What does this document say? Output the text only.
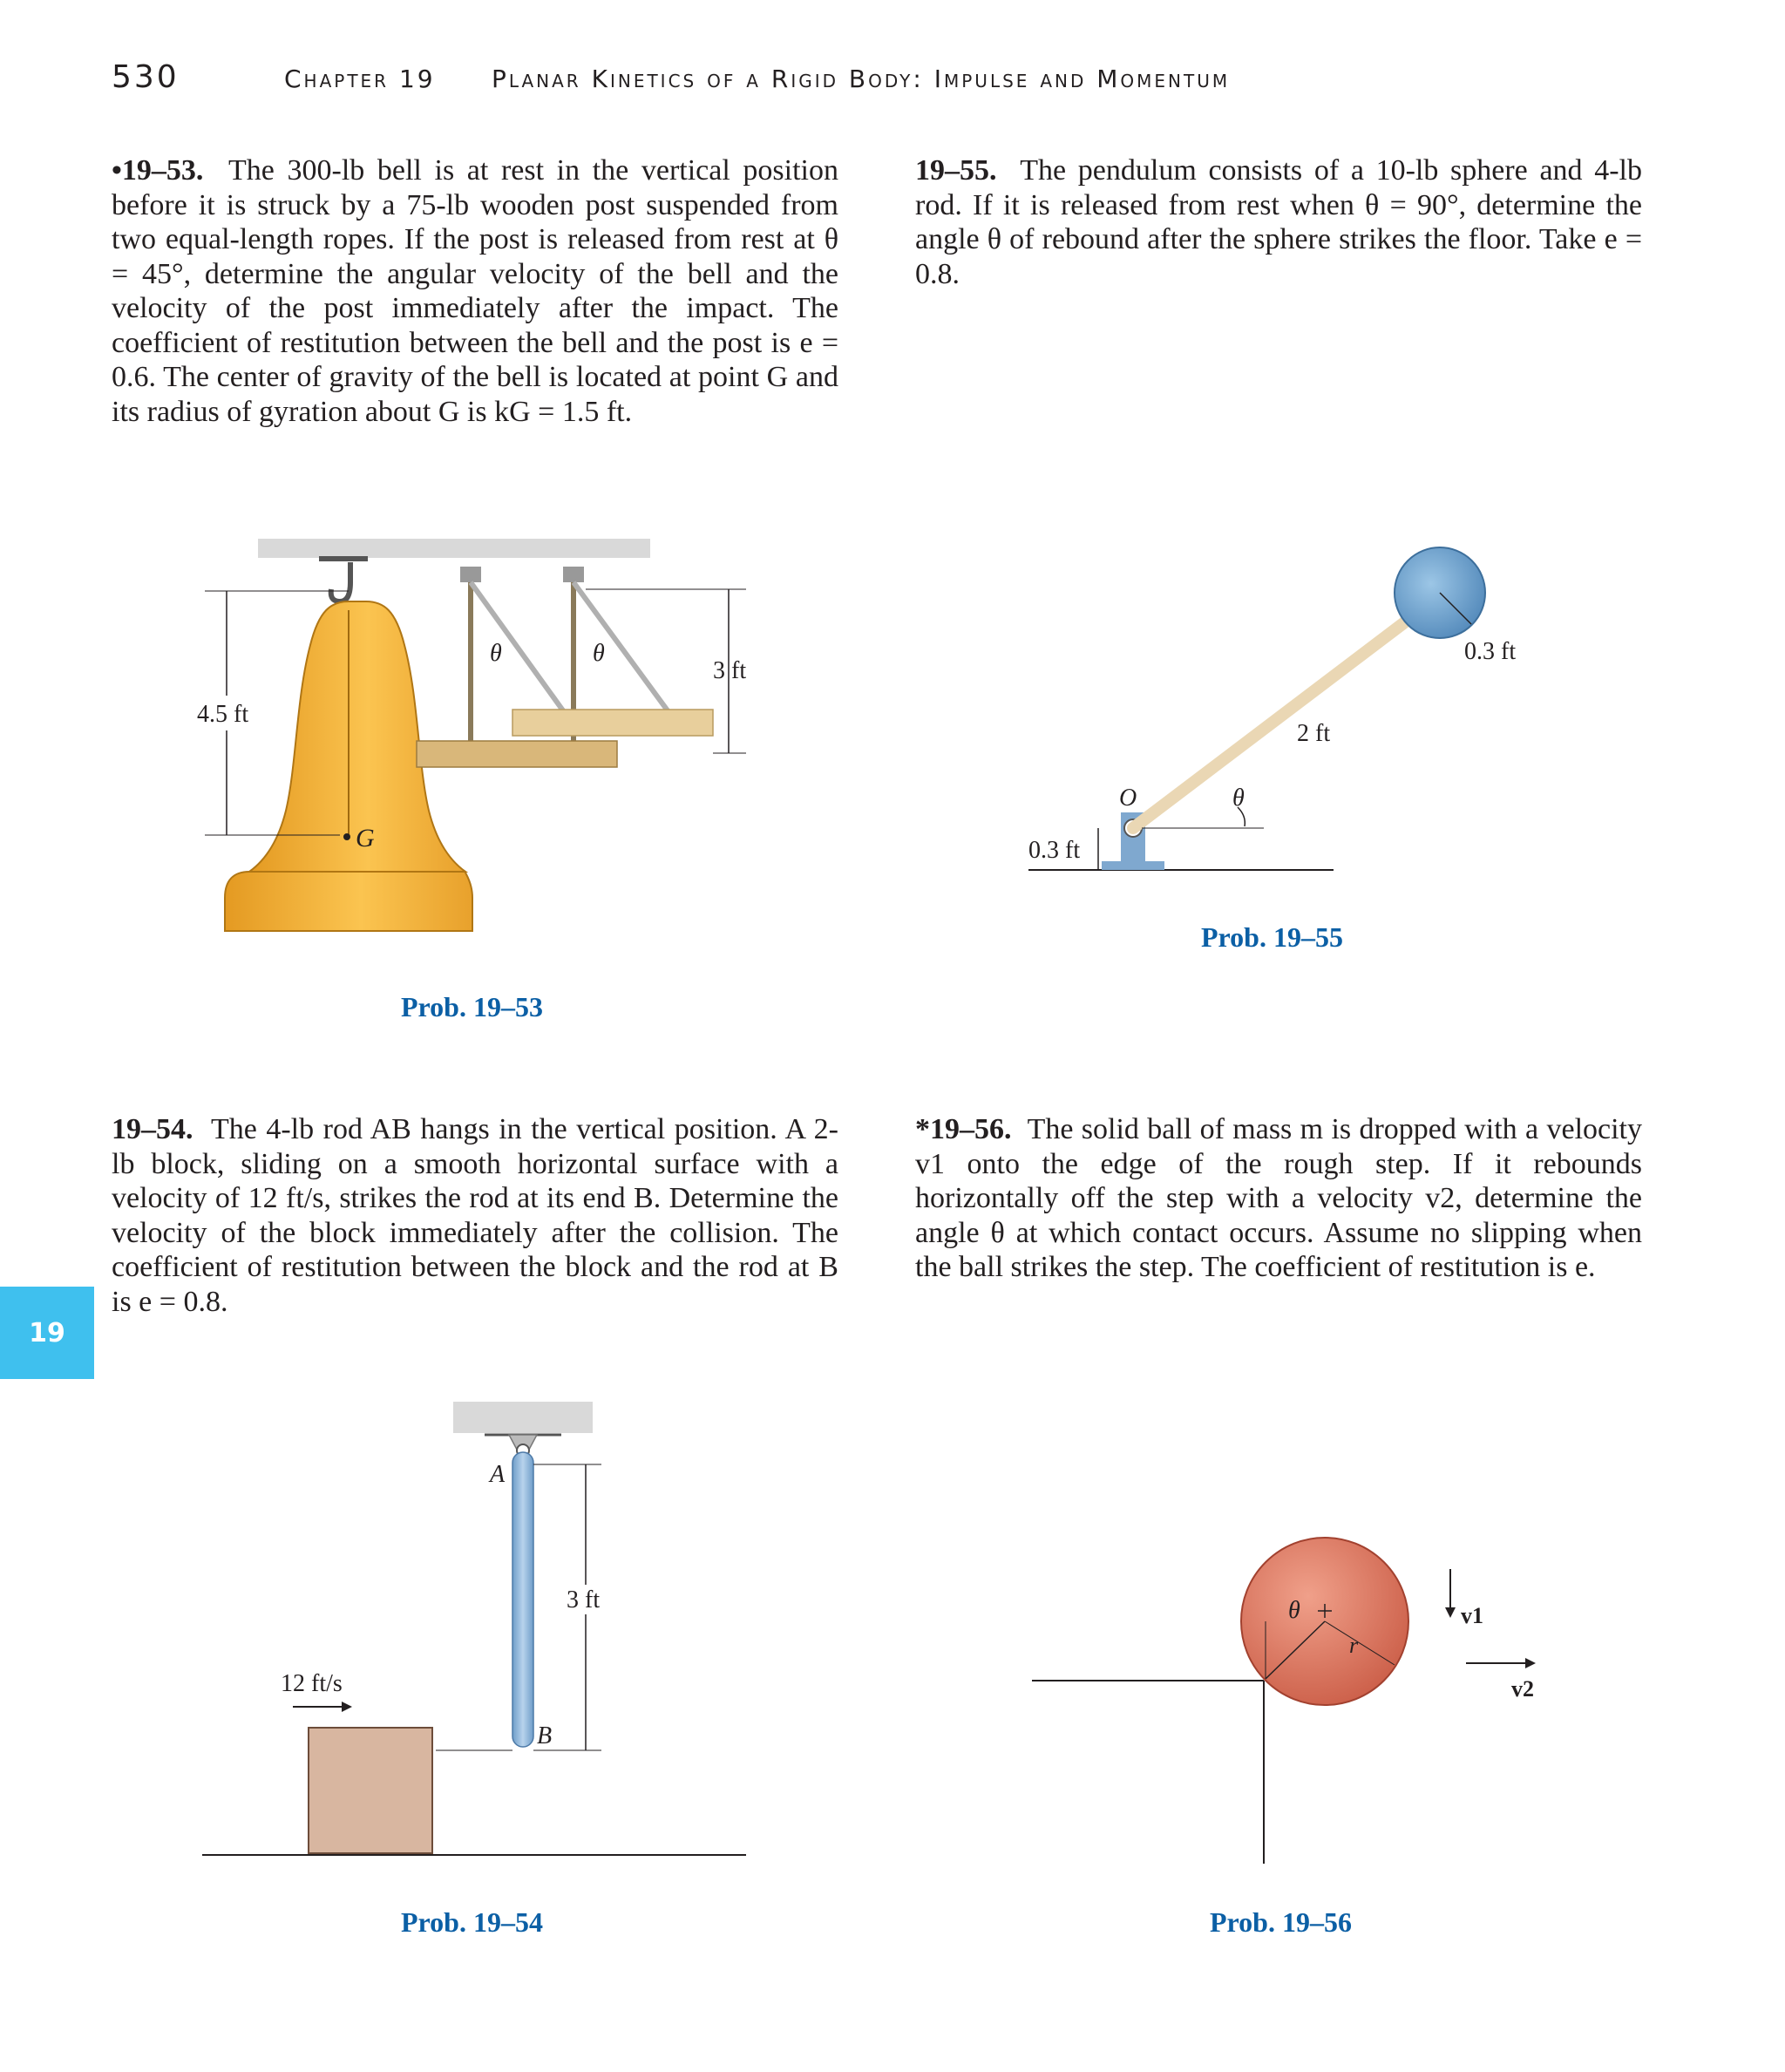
530	Chapter 19 Planar Kinetics of a Rigid Body: Impulse and Momentum
19

•19–53. The 300-lb bell is at rest in the vertical position before it is struck by a 75-lb wooden post suspended from two equal-length ropes. If the post is released from rest at θ = 45°, determine the angular velocity of the bell and the velocity of the post immediately after the impact. The coefficient of restitution between the bell and the post is e = 0.6. The center of gravity of the bell is located at point G and its radius of gyration about G is kG = 1.5 ft.

19–55. The pendulum consists of a 10-lb sphere and 4-lb rod. If it is released from rest when θ = 90°, determine the angle θ of rebound after the sphere strikes the floor. Take e = 0.8.

19–54. The 4-lb rod AB hangs in the vertical position. A 2-lb block, sliding on a smooth horizontal surface with a velocity of 12 ft/s, strikes the rod at its end B. Determine the velocity of the block immediately after the collision. The coefficient of restitution between the block and the rod at B is e = 0.8.

*19–56. The solid ball of mass m is dropped with a velocity v1 onto the edge of the rough step. If it rebounds horizontally off the step with a velocity v2, determine the angle θ at which contact occurs. Assume no slipping when the ball strikes the step. The coefficient of restitution is e.

G
4.5 ft
θ	θ
3 ft
Prob. 19–53
0.3 ft
2 ft
O	θ
0.3 ft
Prob. 19–55
A
B
3 ft
12 ft/s
Prob. 19–54
θ
r
v1
v2
Prob. 19–56
